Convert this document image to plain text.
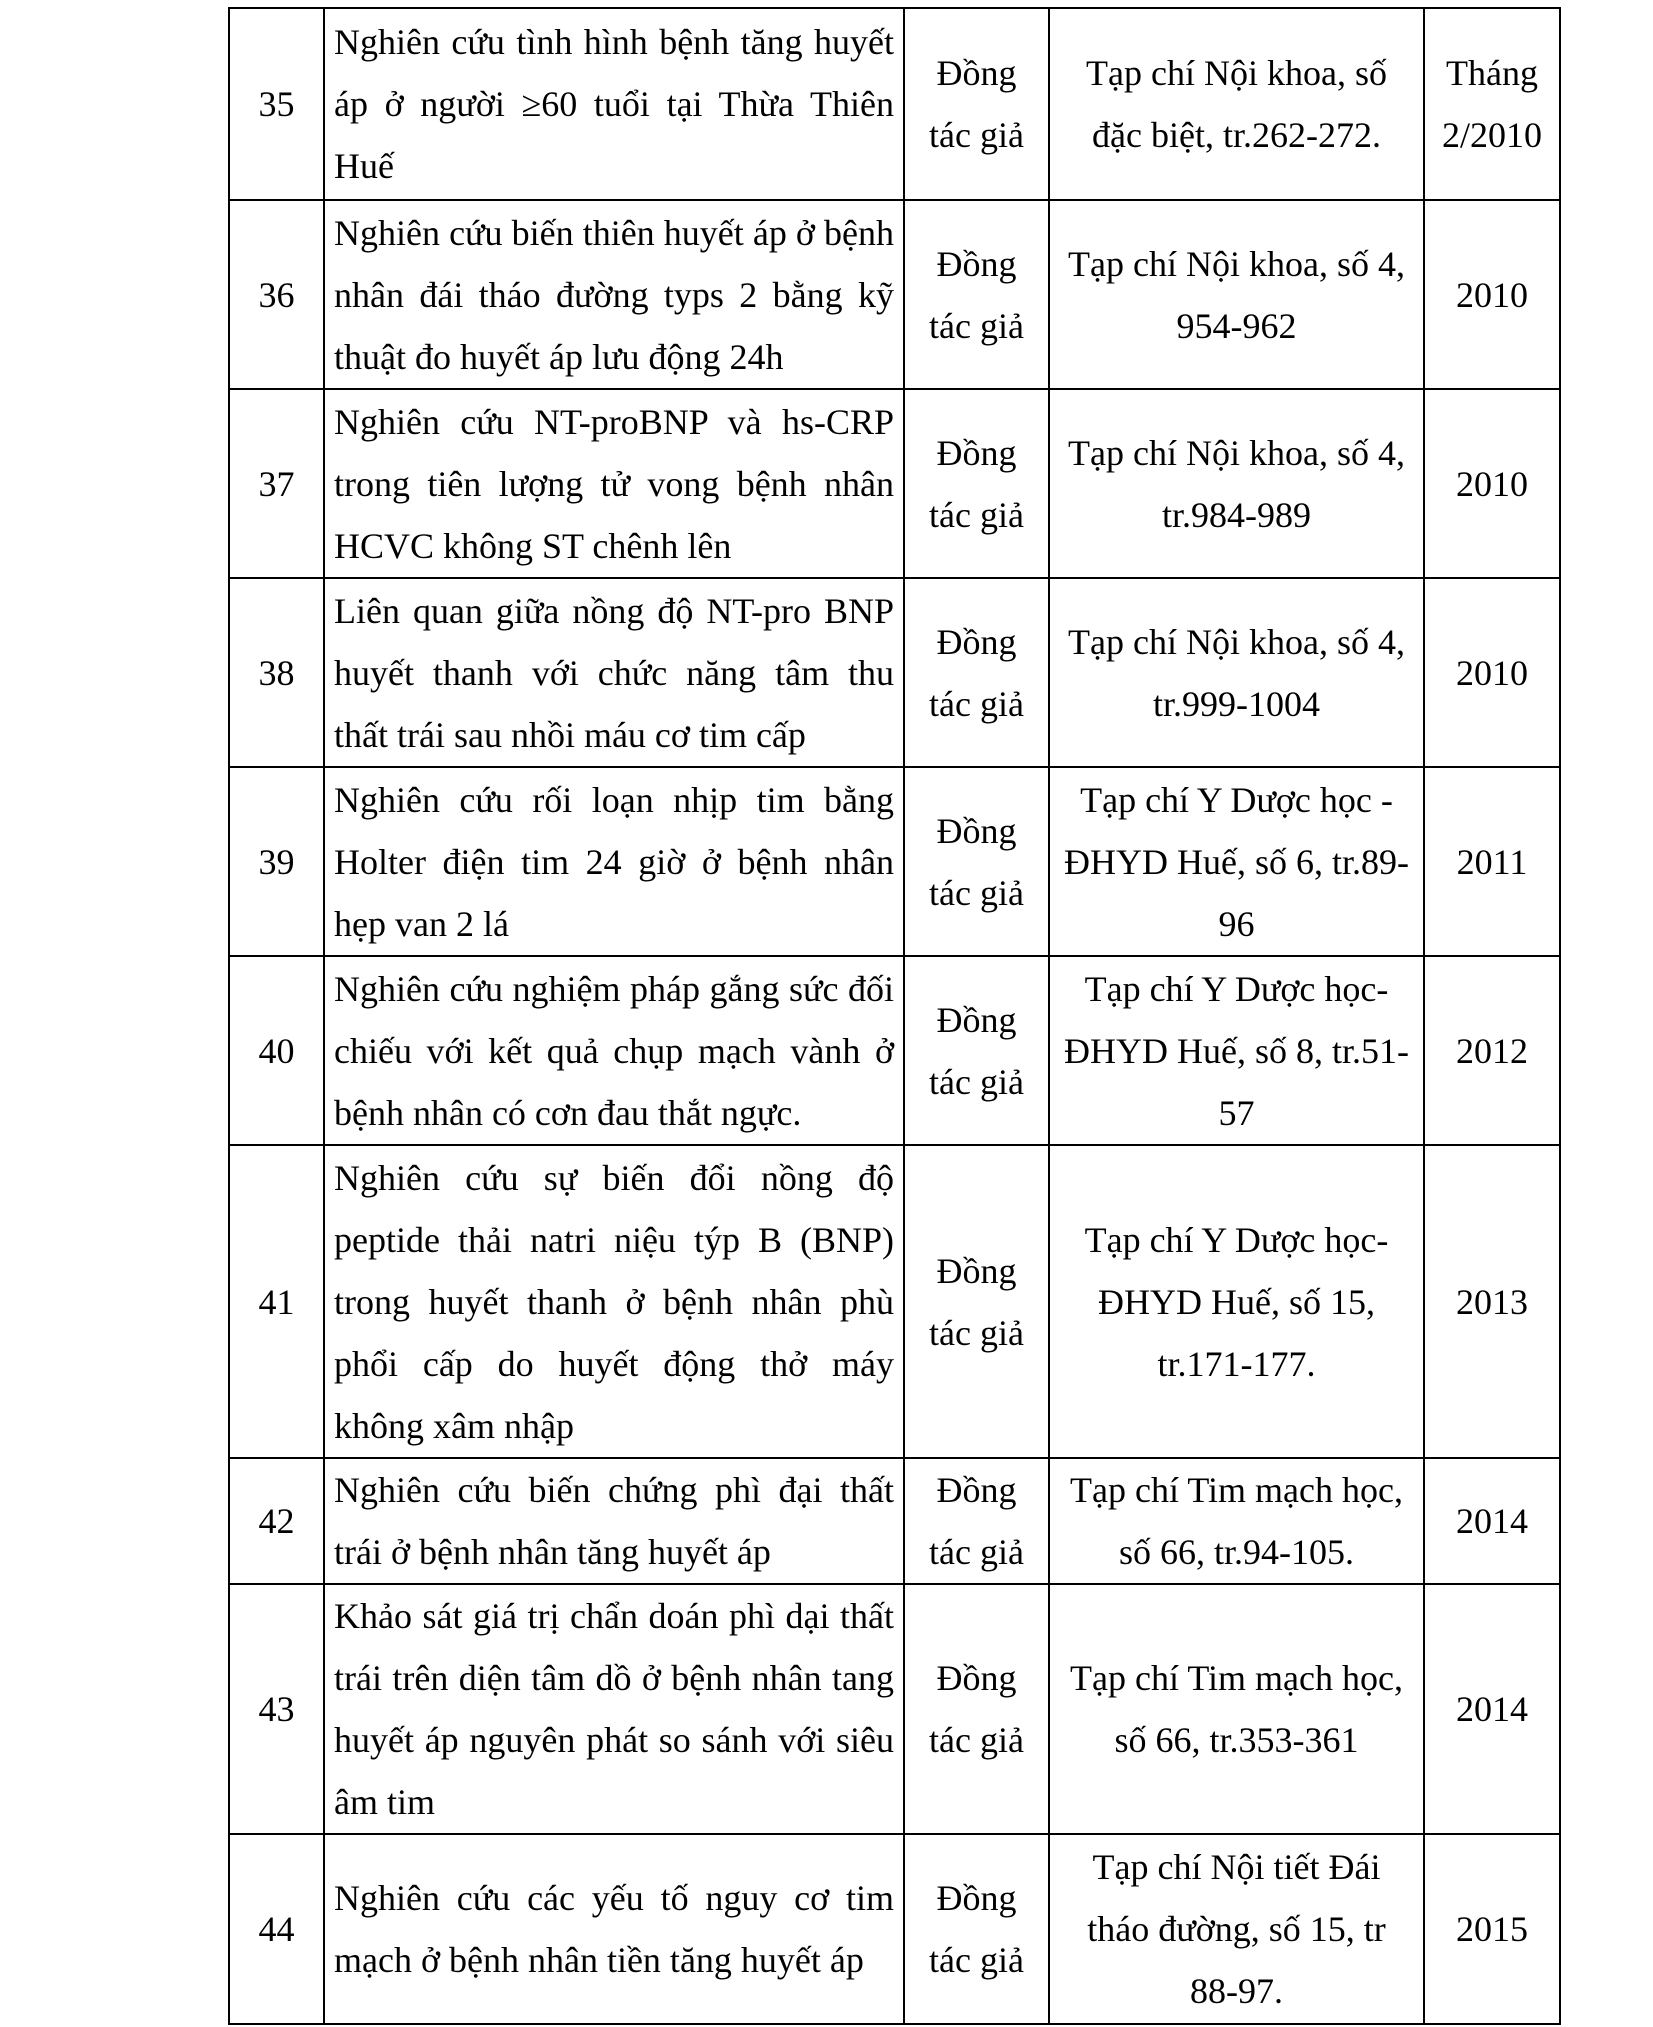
35	Nghiên cứu tình hình bệnh tăng huyết áp ở người ≥60 tuổi tại Thừa Thiên Huế	Đồng tác giả	Tạp chí Nội khoa, số đặc biệt, tr.262-272.	Tháng 2/2010
36	Nghiên cứu biến thiên huyết áp ở bệnh nhân đái tháo đường typs 2 bằng kỹ thuật đo huyết áp lưu động 24h	Đồng tác giả	Tạp chí Nội khoa, số 4, 954-962	2010
37	Nghiên cứu NT-proBNP và hs-CRP trong tiên lượng tử vong bệnh nhân HCVC không ST chênh lên	Đồng tác giả	Tạp chí Nội khoa, số 4, tr.984-989	2010
38	Liên quan giữa nồng độ NT-pro BNP huyết thanh với chức năng tâm thu thất trái sau nhồi máu cơ tim cấp	Đồng tác giả	Tạp chí Nội khoa, số 4, tr.999-1004	2010
39	Nghiên cứu rối loạn nhịp tim bằng Holter điện tim 24 giờ ở bệnh nhân hẹp van 2 lá	Đồng tác giả	Tạp chí Y Dược học - ĐHYD Huế, số 6, tr.89-96	2011
40	Nghiên cứu nghiệm pháp gắng sức đối chiếu với kết quả chụp mạch vành ở bệnh nhân có cơn đau thắt ngực.	Đồng tác giả	Tạp chí Y Dược học-ĐHYD Huế, số 8, tr.51-57	2012
41	Nghiên cứu sự biến đổi nồng độ peptide thải natri niệu týp B (BNP) trong huyết thanh ở bệnh nhân phù phổi cấp do huyết động thở máy không xâm nhập	Đồng tác giả	Tạp chí Y Dược học-ĐHYD Huế, số 15, tr.171-177.	2013
42	Nghiên cứu biến chứng phì đại thất trái ở bệnh nhân tăng huyết áp	Đồng tác giả	Tạp chí Tim mạch học, số 66, tr.94-105.	2014
43	Khảo sát giá trị chẩn doán phì dại thất trái trên diện tâm dồ ở bệnh nhân tang huyết áp nguyên phát so sánh với siêu âm tim	Đồng tác giả	Tạp chí Tim mạch học, số 66, tr.353-361	2014
44	Nghiên cứu các yếu tố nguy cơ tim mạch ở bệnh nhân tiền tăng huyết áp	Đồng tác giả	Tạp chí Nội tiết Đái tháo đường, số 15, tr 88-97.	2015
